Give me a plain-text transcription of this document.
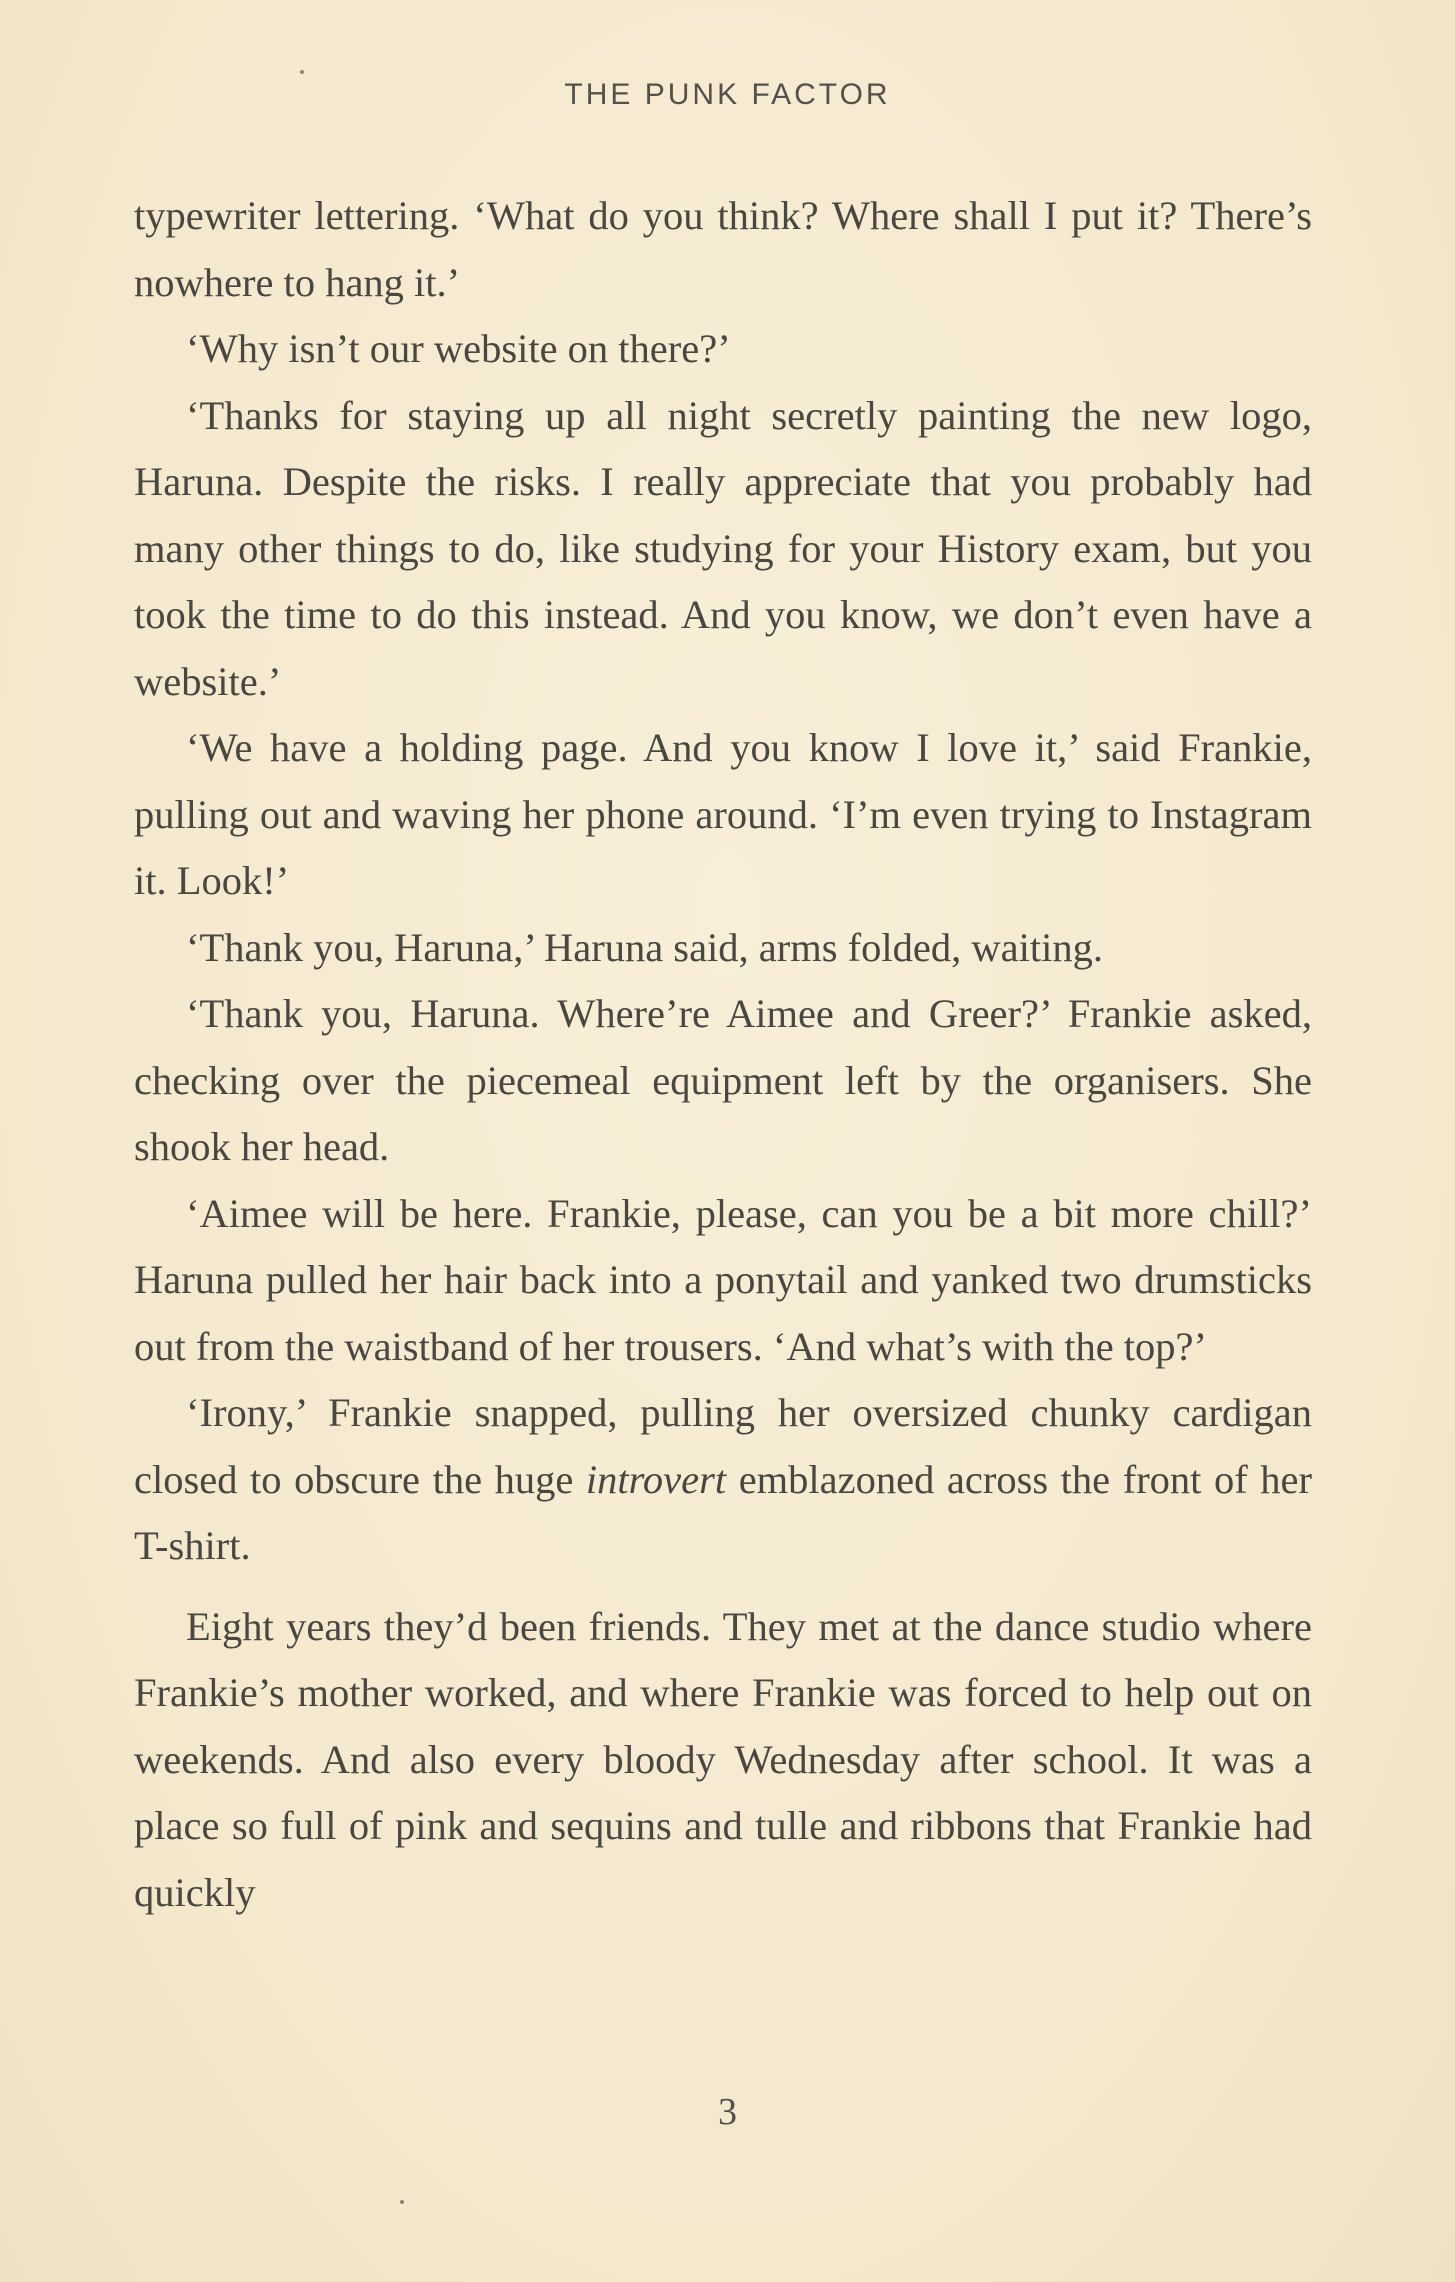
THE PUNK FACTOR

typewriter lettering. ‘What do you think? Where shall I put it? There’s nowhere to hang it.’

‘Why isn’t our website on there?’

‘Thanks for staying up all night secretly painting the new logo, Haruna. Despite the risks. I really appreciate that you probably had many other things to do, like studying for your History exam, but you took the time to do this instead. And you know, we don’t even have a website.’

‘We have a holding page. And you know I love it,’ said Frankie, pulling out and waving her phone around. ‘I’m even trying to Instagram it. Look!’

‘Thank you, Haruna,’ Haruna said, arms folded, waiting.

‘Thank you, Haruna. Where’re Aimee and Greer?’ Frankie asked, checking over the piecemeal equipment left by the organisers. She shook her head.

‘Aimee will be here. Frankie, please, can you be a bit more chill?’ Haruna pulled her hair back into a ponytail and yanked two drumsticks out from the waistband of her trousers. ‘And what’s with the top?’

‘Irony,’ Frankie snapped, pulling her oversized chunky cardigan closed to obscure the huge introvert emblazoned across the front of her T-shirt.

Eight years they’d been friends. They met at the dance studio where Frankie’s mother worked, and where Frankie was forced to help out on weekends. And also every bloody Wednesday after school. It was a place so full of pink and sequins and tulle and ribbons that Frankie had quickly

3
